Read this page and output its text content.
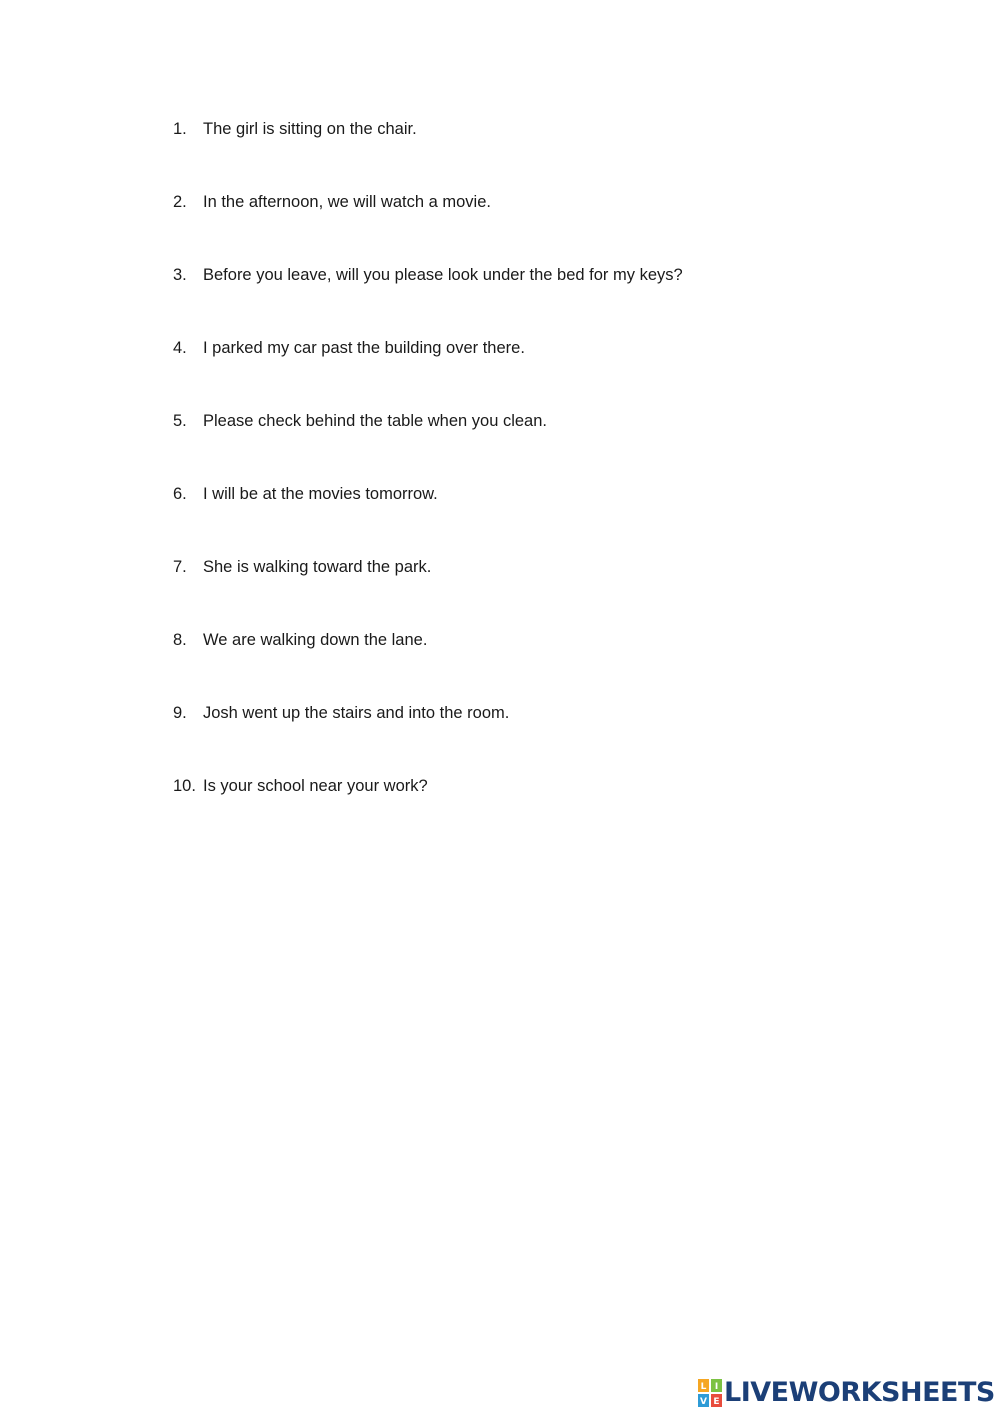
1. The girl is sitting on the chair.
2. In the afternoon, we will watch a movie.
3. Before you leave, will you please look under the bed for my keys?
4. I parked my car past the building over there.
5. Please check behind the table when you clean.
6. I will be at the movies tomorrow.
7. She is walking toward the park.
8. We are walking down the lane.
9. Josh went up the stairs and into the room.
10. Is your school near your work?
L I
V E LIVEWORKSHEETS
